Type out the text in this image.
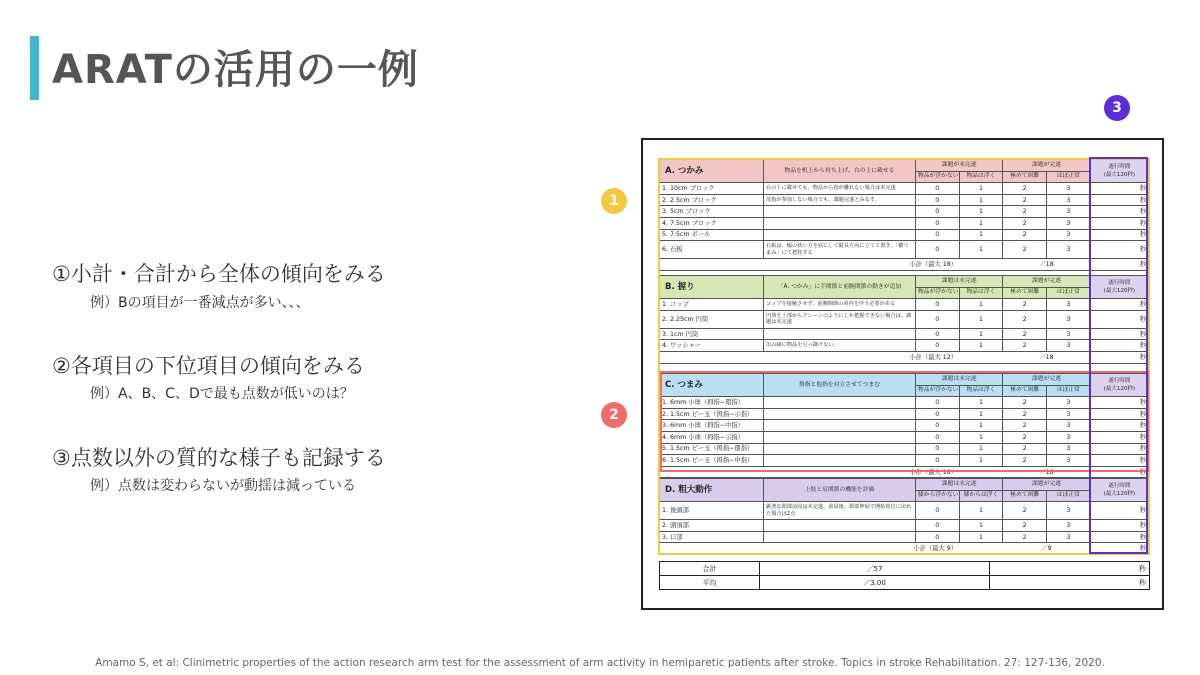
ARATの活用の一例
①小計・合計から全体の傾向をみる
例）Bの項目が一番減点が多い、、、
②各項目の下位項目の傾向をみる
例）A、B、C、Dで最も点数が低いのは？
③点数以外の質的な様子も記録する
例）点数は変わらないが動揺は減っている
Amamo S, et al: Clinimetric properties of the action research arm test for the assessment of arm activity in hemiparetic patients after stroke. Topics in stroke Rehabilitation. 27: 127-136, 2020.
1
2
3
A. つかみ	物品を机上から持ち上げ、台の上に載せる	課題が未完遂		課題が完遂		遂行時間
(最大120秒)
		物品が浮かない	物品は浮く	極めて困難	ほぼ正常	
1. 10cm ブロック	台の上に載せても、物品から指が離れない場合は未完遂	0	1	2	3	秒
2. 2.5cm ブロック	母指が参加しない場合でも、課題完遂とみなす。	0	1	2	3	秒
3. 5cm ブロック		0	1	2	3	秒
4. 7.5cm ブロック		0	1	2	3	秒
5. 7.5cm ボール		0	1	2	3	秒
6. 石板	石板は、幅の狭い方を底にして縦長方向に立てて置き、「横つまみ」にて把持する	0	1	2	3	秒
	小計（最大 18）			／18		秒
B. 握り	「A. つかみ」に手関節と前腕関節の動きが追加	課題は未完遂		課題が完遂		遂行時間
(最大120秒)
		物品が浮かない	物品は浮く	極めて困難	ほぼ正常	
1. コップ	コップを接触させず、前腕関節の回内を伴う必要がある	0	1	2	3	秒
2. 2.25cm 円筒	円筒を上部からクレーンのようにしか把握できない場合は、課題は未完遂	0	1	2	3	秒
3. 1cm 円筒		0	1	2	3	秒
4. ワッシャー	缶の縁に物品を引っ掛けない。	0	1	2	3	秒
	小計（最大 12）			／18		秒
C. つまみ	拇指と他指を対立させてつまむ	課題は未完遂		課題が完遂		遂行時間
(最大120秒)
		物品が浮かない	物品は浮く	極めて困難	ほぼ正常	
1. 6mm 小球（拇指−環指）		0	1	2	3	秒
2. 1.5cm ビー玉（拇指−示指）		0	1	2	3	秒
3. 6mm 小球（拇指−中指）		0	1	2	3	秒
4. 6mm 小球（拇指−示指）		0	1	2	3	秒
5. 1.5cm ビー玉（拇指−環指）		0	1	2	3	秒
6. 1.5cm ビー玉（拇指−中指）		0	1	2	3	秒
	小計（最大 18）			／18		秒
D. 粗大動作	上肢と肩関節の機能を評価	課題は未完遂		課題が完遂		遂行時間
(最大120秒)
		膝から浮かない	膝からは浮く	極めて困難	ほぼ正常	
1. 後頭部	顕著な頸部前屈は未完遂、前屈後、頸部伸展で開始肢位に戻れた場合は2点	0	1	2	3	秒
2. 頭頂部		0	1	2	3	秒
3. 口部		0	1	2	3	秒
	小計（最大 9）			／9		秒
合計	／57	秒
平均	／3.00	秒
